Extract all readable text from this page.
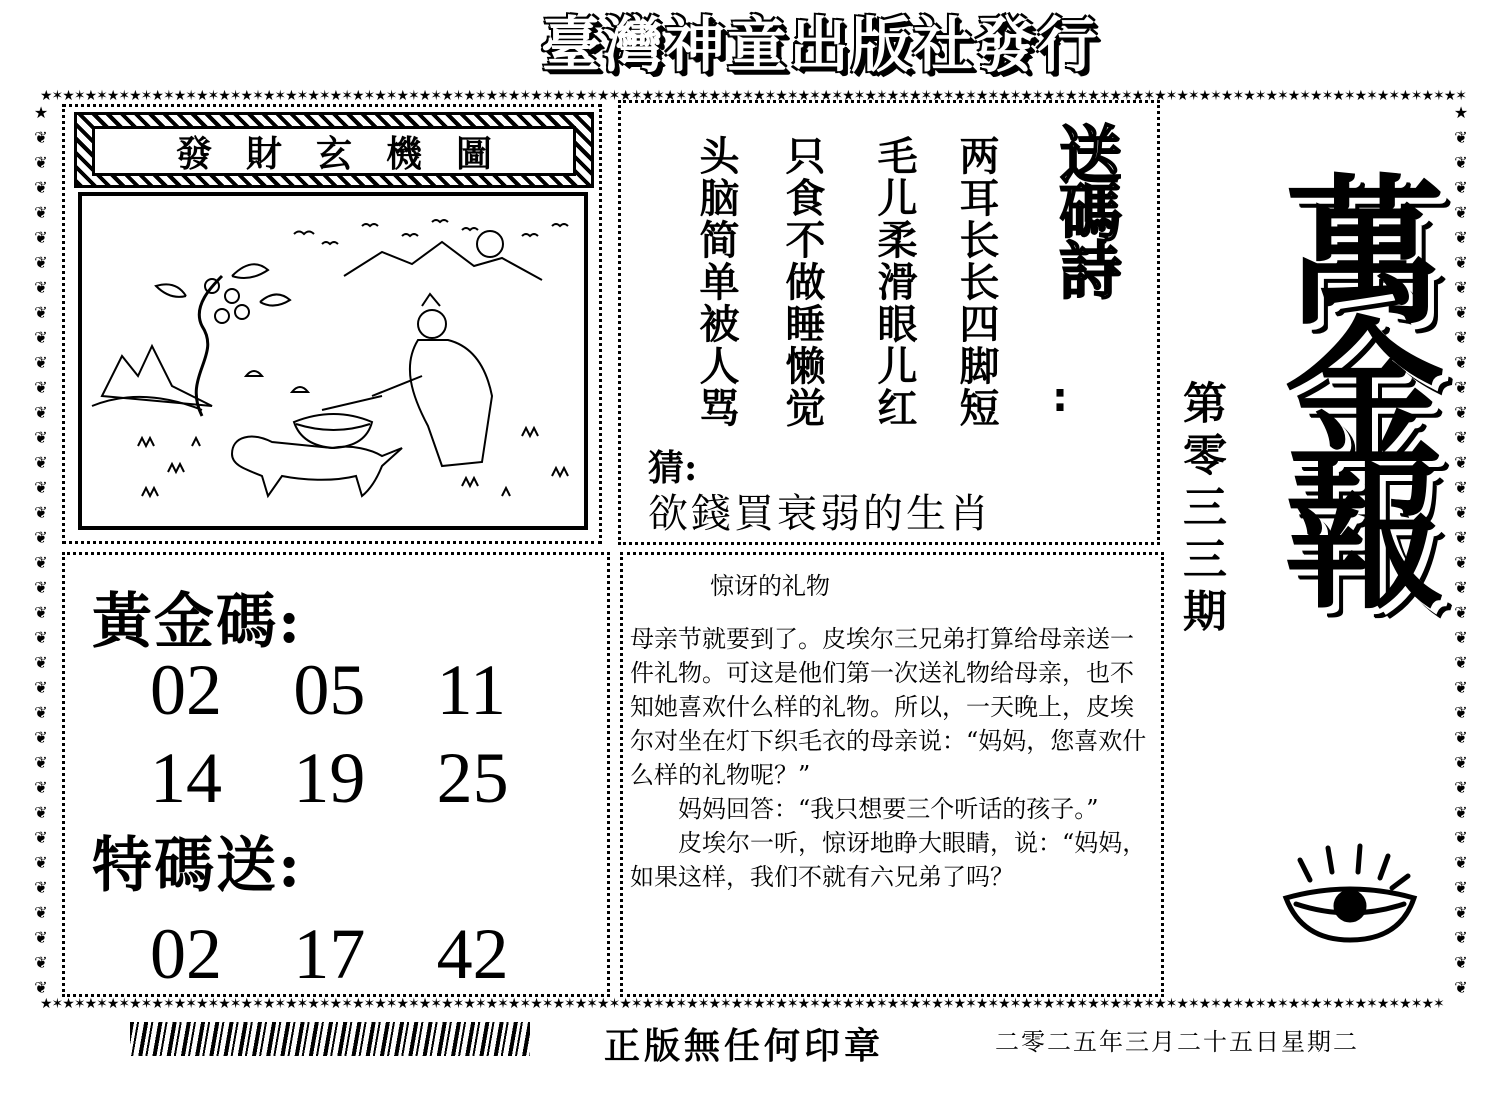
臺灣神童出版社發行
★✶★✶★✶★✶★✶★✶★✶★✶★✶★✶★✶★✶★✶★✶★✶★✶★✶★✶★✶★✶★✶★✶★✶★✶★✶★✶★✶★✶★✶★✶★✶★✶★✶★✶★✶★✶★✶★✶★✶★✶★✶★✶★✶★✶★✶★✶★✶★✶★✶★✶★✶★✶★✶★✶★✶★✶★✶★✶★✶★✶★✶★✶★✶★✶
★✶★✶★✶★✶★✶★✶★✶★✶★✶★✶★✶★✶★✶★✶★✶★✶★✶★✶★✶★✶★✶★✶★✶★✶★✶★✶★✶★✶★✶★✶★✶★✶★✶★✶★✶★✶★✶★✶★✶★✶★✶★✶★✶★✶★✶★✶★✶★✶★✶★✶★✶★✶★✶★✶★✶★✶★✶★✶★✶★✶★✶★✶★✶
★
❦
❦
❦
❦
❦
❦
❦
❦
❦
❦
❦
❦
❦
❦
❦
❦
❦
❦
❦
❦
❦
❦
❦
❦
❦
❦
❦
❦
❦
❦
❦
❦
❦
❦
❦
★
❦
❦
❦
❦
❦
❦
❦
❦
❦
❦
❦
❦
❦
❦
❦
❦
❦
❦
❦
❦
❦
❦
❦
❦
❦
❦
❦
❦
❦
❦
❦
❦
❦
❦
❦
發財玄機圖	送碼詩
:
两耳长长四脚短
毛儿柔滑眼儿红
只食不做睡懒觉
头脑简单被人骂
猜:
欲錢買衰弱的生肖
黃金碼:
02 05 11
14 19 25
特碼送:
02 17 42
惊讶的礼物

母亲节就要到了。皮埃尔三兄弟打算给母亲送一件礼物。可这是他们第一次送礼物给母亲，也不知她喜欢什么样的礼物。所以，一天晚上，皮埃尔对坐在灯下织毛衣的母亲说：“妈妈，您喜欢什么样的礼物呢？”

妈妈回答：“我只想要三个听话的孩子。”

皮埃尔一听，惊讶地睁大眼睛，说：“妈妈，如果这样，我们不就有六兄弟了吗？

第零三三期 萬金報
正版無任何印章	二零二五年三月二十五日星期二
